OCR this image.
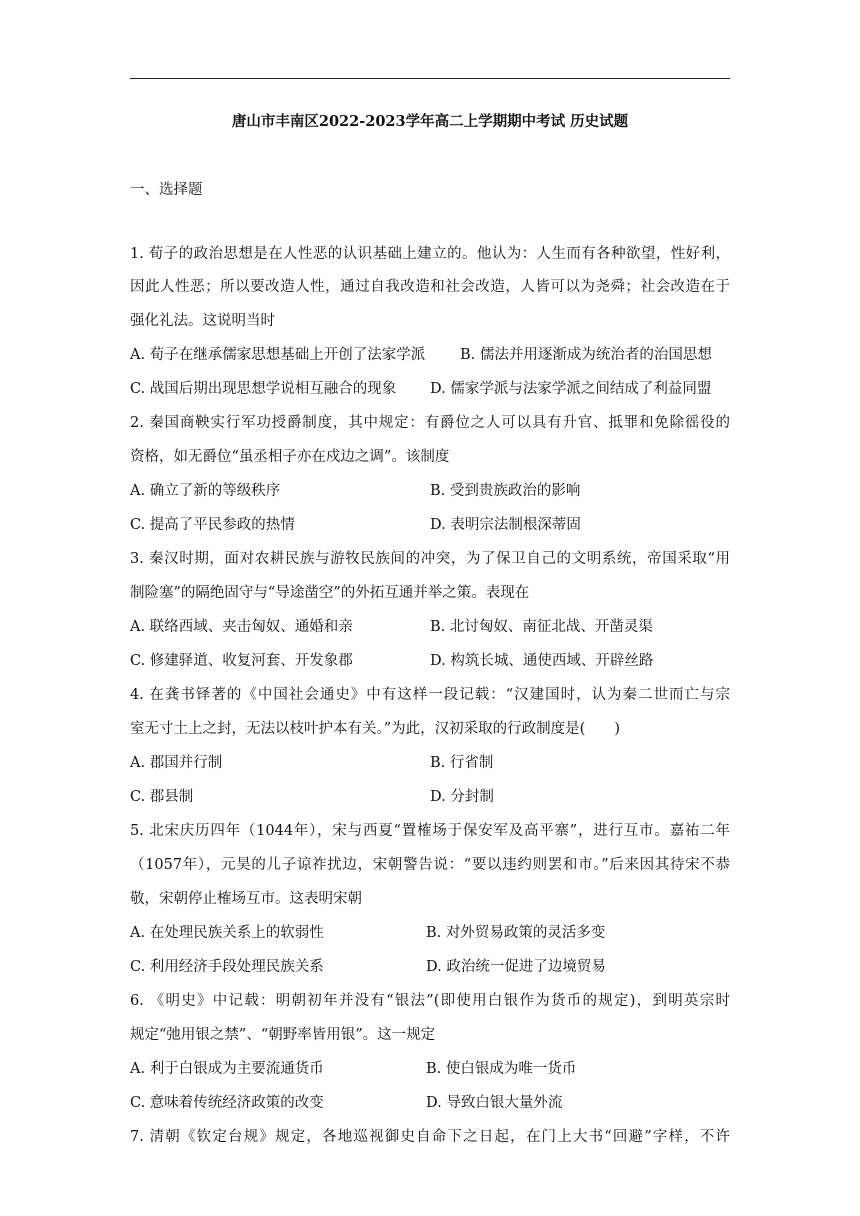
唐山市丰南区2022-2023学年高二上学期期中考试 历史试题
一、选择题
1. 荀子的政治思想是在人性恶的认识基础上建立的。他认为：人生而有各种欲望，性好利，
因此人性恶；所以要改造人性，通过自我改造和社会改造，人皆可以为尧舜；社会改造在于
强化礼法。这说明当时
A. 荀子在继承儒家思想基础上开创了法家学派 B. 儒法并用逐渐成为统治者的治国思想
C. 战国后期出现思想学说相互融合的现象 D. 儒家学派与法家学派之间结成了利益同盟
2. 秦国商鞅实行军功授爵制度，其中规定：有爵位之人可以具有升官、抵罪和免除徭役的
资格，如无爵位“虽丞相子亦在戍边之调”。该制度
A. 确立了新的等级秩序	B. 受到贵族政治的影响
C. 提高了平民参政的热情	D. 表明宗法制根深蒂固
3. 秦汉时期，面对农耕民族与游牧民族间的冲突，为了保卫自己的文明系统，帝国采取“用
制险塞”的隔绝固守与“导途凿空”的外拓互通并举之策。表现在
A. 联络西域、夹击匈奴、通婚和亲	B. 北讨匈奴、南征北战、开凿灵渠
C. 修建驿道、收复河套、开发象郡	D. 构筑长城、通使西域、开辟丝路
4. 在龚书铎著的《中国社会通史》中有这样一段记载：“汉建国时，认为秦二世而亡与宗
室无寸土上之封，无法以枝叶护本有关。”为此，汉初采取的行政制度是(　　)
A. 郡国并行制	B. 行省制
C. 郡县制	D. 分封制
5. 北宋庆历四年（1044年），宋与西夏“置榷场于保安军及高平寨”，进行互市。嘉祐二年
（1057年），元昊的儿子谅祚扰边，宋朝警告说：“要以违约则罢和市。”后来因其待宋不恭
敬，宋朝停止榷场互市。这表明宋朝
A. 在处理民族关系上的软弱性	B. 对外贸易政策的灵活多变
C. 利用经济手段处理民族关系	D. 政治统一促进了边境贸易
6. 《明史》中记载：明朝初年并没有“银法”(即使用白银作为货币的规定)，到明英宗时
规定“弛用银之禁”、“朝野率皆用银”。这一规定
A. 利于白银成为主要流通货币	B. 使白银成为唯一货币
C. 意味着传统经济政策的改变	D. 导致白银大量外流
7. 清朝《钦定台规》规定，各地巡视御史自命下之日起，在门上大书“回避”字样，不许
